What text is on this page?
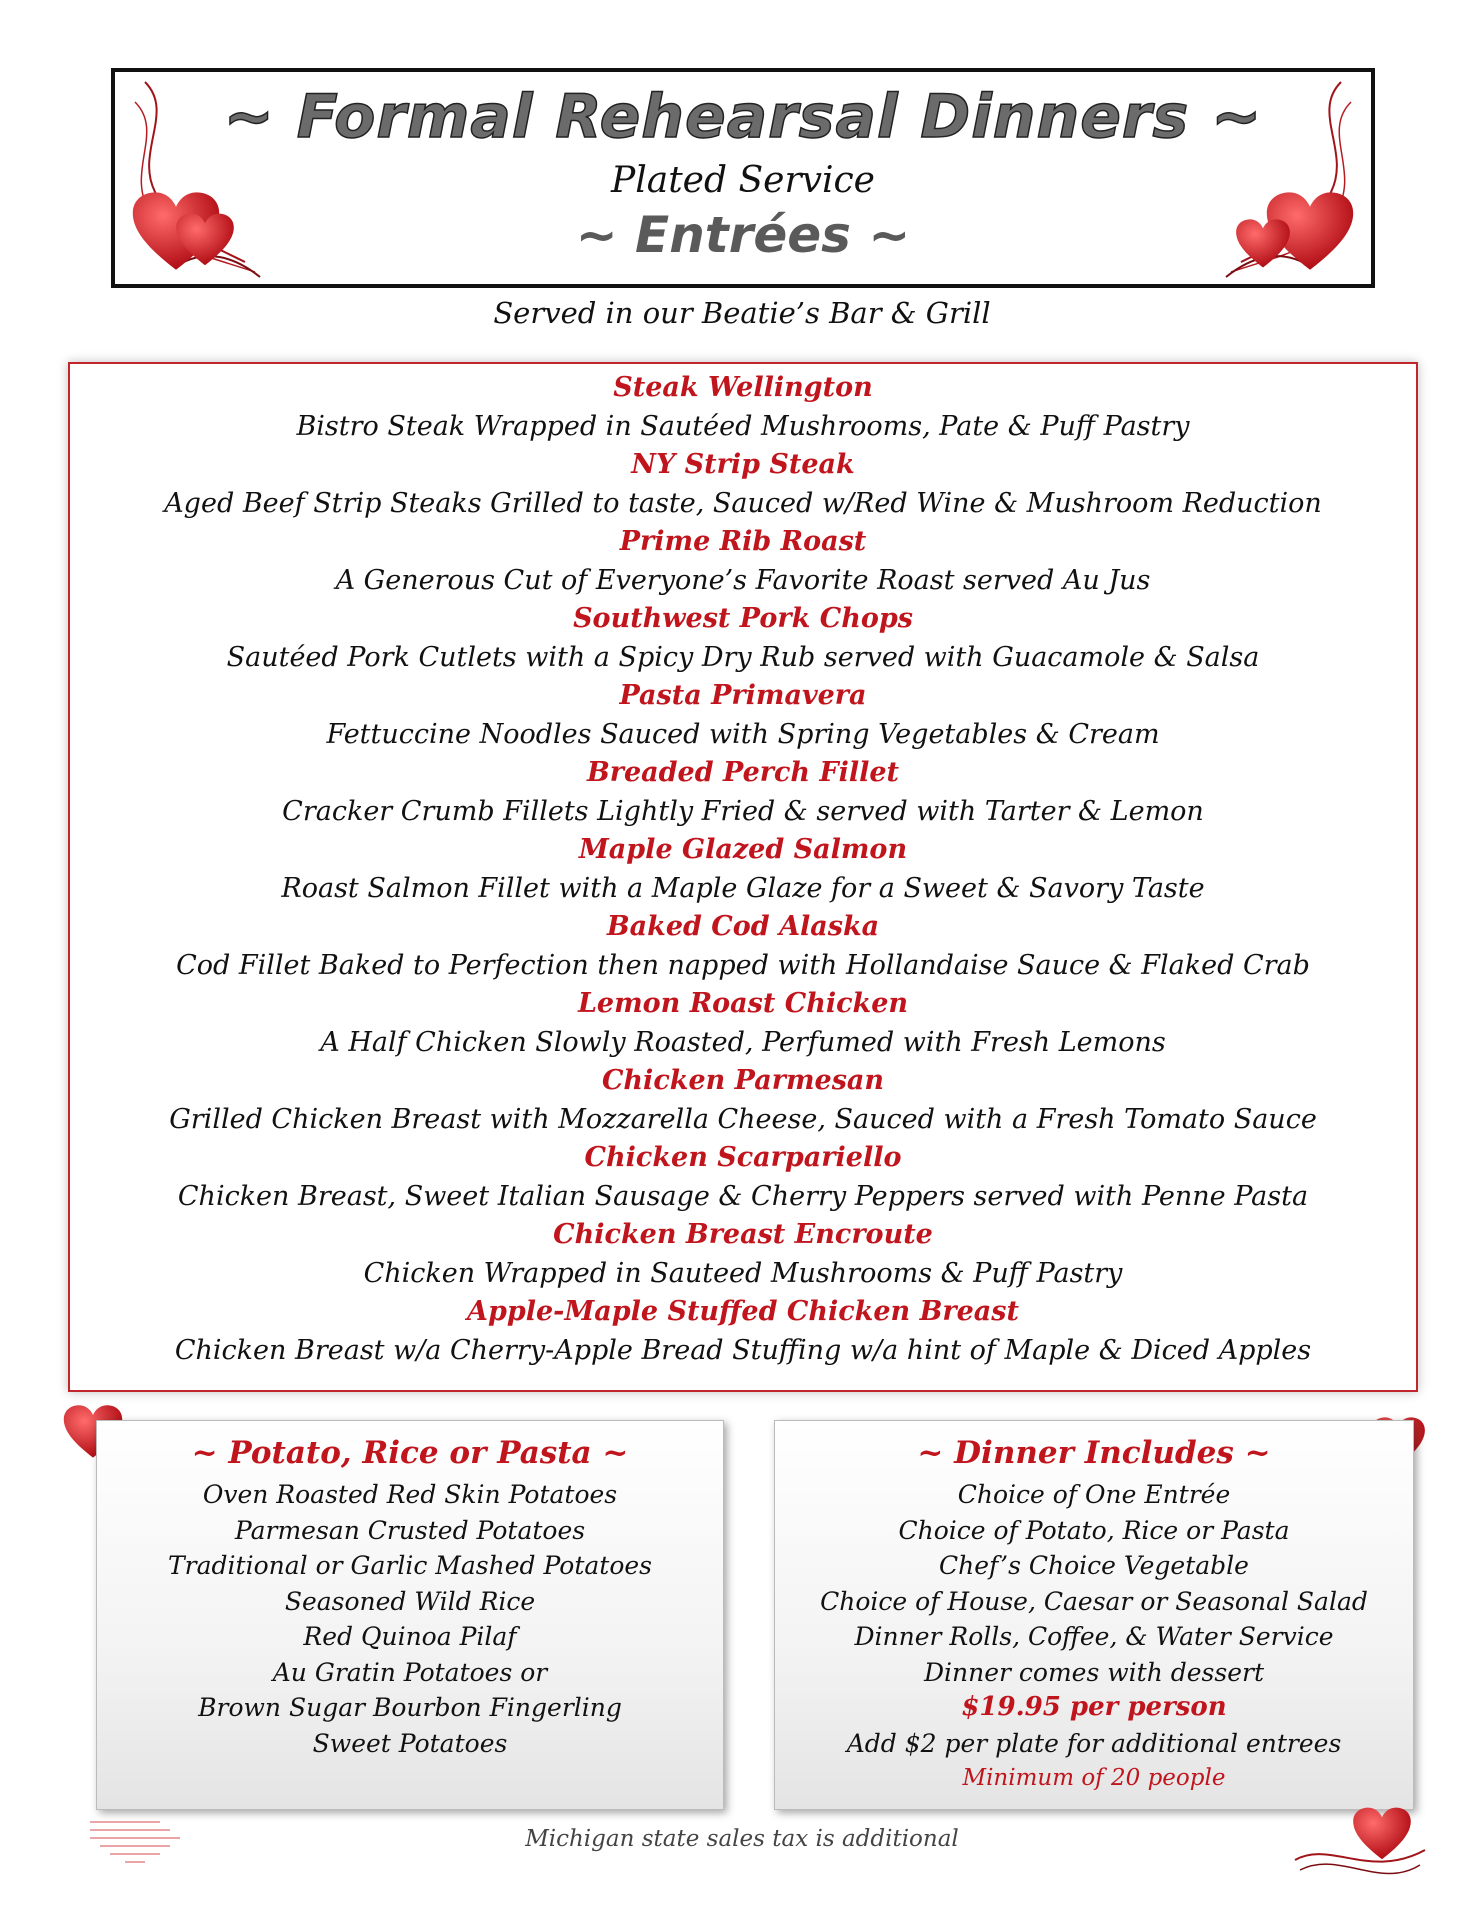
~ Formal Rehearsal Dinners ~
Plated Service
~ Entrées ~
Served in our Beatie’s Bar & Grill
Steak Wellington
Bistro Steak Wrapped in Sautéed Mushrooms, Pate & Puff Pastry
NY Strip Steak
Aged Beef Strip Steaks Grilled to taste, Sauced w/Red Wine & Mushroom Reduction
Prime Rib Roast
A Generous Cut of Everyone’s Favorite Roast served Au Jus
Southwest Pork Chops
Sautéed Pork Cutlets with a Spicy Dry Rub served with Guacamole & Salsa
Pasta Primavera
Fettuccine Noodles Sauced with Spring Vegetables & Cream
Breaded Perch Fillet
Cracker Crumb Fillets Lightly Fried & served with Tarter & Lemon
Maple Glazed Salmon
Roast Salmon Fillet with a Maple Glaze for a Sweet & Savory Taste
Baked Cod Alaska
Cod Fillet Baked to Perfection then napped with Hollandaise Sauce & Flaked Crab
Lemon Roast Chicken
A Half Chicken Slowly Roasted, Perfumed with Fresh Lemons
Chicken Parmesan
Grilled Chicken Breast with Mozzarella Cheese, Sauced with a Fresh Tomato Sauce
Chicken Scarpariello
Chicken Breast, Sweet Italian Sausage & Cherry Peppers served with Penne Pasta
Chicken Breast Encroute
Chicken Wrapped in Sauteed Mushrooms & Puff Pastry
Apple-Maple Stuffed Chicken Breast
Chicken Breast w/a Cherry-Apple Bread Stuffing w/a hint of Maple & Diced Apples
~ Potato, Rice or Pasta ~
Oven Roasted Red Skin Potatoes
Parmesan Crusted Potatoes
Traditional or Garlic Mashed Potatoes
Seasoned Wild Rice
Red Quinoa Pilaf
Au Gratin Potatoes or
Brown Sugar Bourbon Fingerling
Sweet Potatoes
~ Dinner Includes ~
Choice of One Entrée
Choice of Potato, Rice or Pasta
Chef’s Choice Vegetable
Choice of House, Caesar or Seasonal Salad
Dinner Rolls, Coffee, & Water Service
Dinner comes with dessert
$19.95 per person
Add $2 per plate for additional entrees
Minimum of 20 people
Michigan state sales tax is additional
